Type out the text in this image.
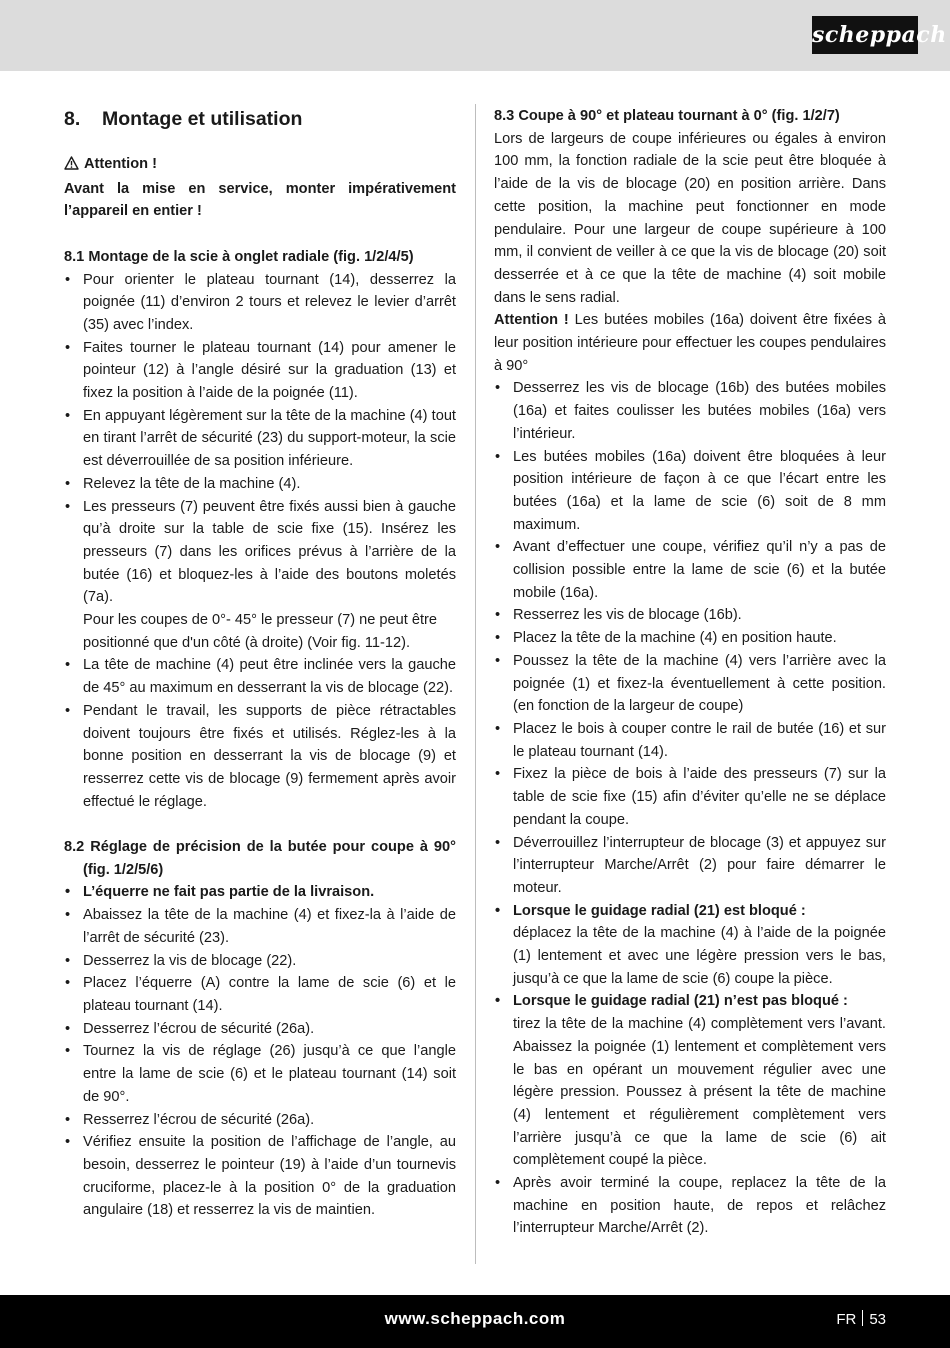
scheppach
8. Montage et utilisation

Attention !

Avant la mise en service, monter impérativement l’appareil en entier !

8.1 Montage de la scie à onglet radiale (fig. 1/2/4/5)

• Pour orienter le plateau tournant (14), desserrez la poignée (11) d’environ 2 tours et relevez le levier d’arrêt (35) avec l’index.
• Faites tourner le plateau tournant (14) pour amener le pointeur (12) à l’angle désiré sur la graduation (13) et fixez la position à l’aide de la poignée (11).
• En appuyant légèrement sur la tête de la machine (4) tout en tirant l’arrêt de sécurité (23) du support-moteur, la scie est déverrouillée de sa position inférieure.
• Relevez la tête de la machine (4).
• Les presseurs (7) peuvent être fixés aussi bien à gauche qu’à droite sur la table de scie fixe (15). Insérez les presseurs (7) dans les orifices prévus à l’arrière de la butée (16) et bloquez-les à l’aide des boutons moletés (7a).

Pour les coupes de 0°- 45° le presseur (7) ne peut être positionné que d'un côté (à droite) (Voir fig. 11-12).
• La tête de machine (4) peut être inclinée vers la gauche de 45° au maximum en desserrant la vis de blocage (22).
• Pendant le travail, les supports de pièce rétractables doivent toujours être fixés et utilisés. Réglez-les à la bonne position en desserrant la vis de blocage (9) et resserrez cette vis de blocage (9) fermement après avoir effectué le réglage.

8.2 Réglage de précision de la butée pour coupe à 90° (fig. 1/2/5/6)

• L’équerre ne fait pas partie de la livraison.
• Abaissez la tête de la machine (4) et fixez-la à l’aide de l’arrêt de sécurité (23).
• Desserrez la vis de blocage (22).
• Placez l’équerre (A) contre la lame de scie (6) et le plateau tournant (14).
• Desserrez l’écrou de sécurité (26a).
• Tournez la vis de réglage (26) jusqu’à ce que l’angle entre la lame de scie (6) et le plateau tournant (14) soit de 90°.
• Resserrez l’écrou de sécurité (26a).
• Vérifiez ensuite la position de l’affichage de l’angle, au besoin, desserrez le pointeur (19) à l’aide d’un tournevis cruciforme, placez-le à la position 0° de la graduation angulaire (18) et resserrez la vis de maintien.

8.3 Coupe à 90° et plateau tournant à 0° (fig. 1/2/7)

Lors de largeurs de coupe inférieures ou égales à environ 100 mm, la fonction radiale de la scie peut être bloquée à l’aide de la vis de blocage (20) en position arrière. Dans cette position, la machine peut fonctionner en mode pendulaire. Pour une largeur de coupe supérieure à 100 mm, il convient de veiller à ce que la vis de blocage (20) soit desserrée et à ce que la tête de machine (4) soit mobile dans le sens radial.

Attention ! Les butées mobiles (16a) doivent être fixées à leur position intérieure pour effectuer les coupes pendulaires à 90°

• Desserrez les vis de blocage (16b) des butées mobiles (16a) et faites coulisser les butées mobiles (16a) vers l’intérieur.
• Les butées mobiles (16a) doivent être bloquées à leur position intérieure de façon à ce que l’écart entre les butées (16a) et la lame de scie (6) soit de 8 mm maximum.
• Avant d’effectuer une coupe, vérifiez qu’il n’y a pas de collision possible entre la lame de scie (6) et la butée mobile (16a).
• Resserrez les vis de blocage (16b).
• Placez la tête de la machine (4) en position haute.
• Poussez la tête de la machine (4) vers l’arrière avec la poignée (1) et fixez-la éventuellement à cette position. (en fonction de la largeur de coupe)
• Placez le bois à couper contre le rail de butée (16) et sur le plateau tournant (14).
• Fixez la pièce de bois à l’aide des presseurs (7) sur la table de scie fixe (15) afin d’éviter qu’elle ne se déplace pendant la coupe.
• Déverrouillez l’interrupteur de blocage (3) et appuyez sur l’interrupteur Marche/Arrêt (2) pour faire démarrer le moteur.
• Lorsque le guidage radial (21) est bloqué :

déplacez la tête de la machine (4) à l’aide de la poignée (1) lentement et avec une légère pression vers le bas, jusqu’à ce que la lame de scie (6) coupe la pièce.

• Lorsque le guidage radial (21) n’est pas bloqué :

tirez la tête de la machine (4) complètement vers l’avant. Abaissez la poignée (1) lentement et complètement vers le bas en opérant un mouvement régulier avec une légère pression. Poussez à présent la tête de machine (4) lentement et régulièrement complètement vers l’arrière jusqu’à ce que la lame de scie (6) ait complètement coupé la pièce.

• Après avoir terminé la coupe, replacez la tête de la machine en position haute, de repos et relâchez l’interrupteur Marche/Arrêt (2).
www.scheppach.com	FR 53
